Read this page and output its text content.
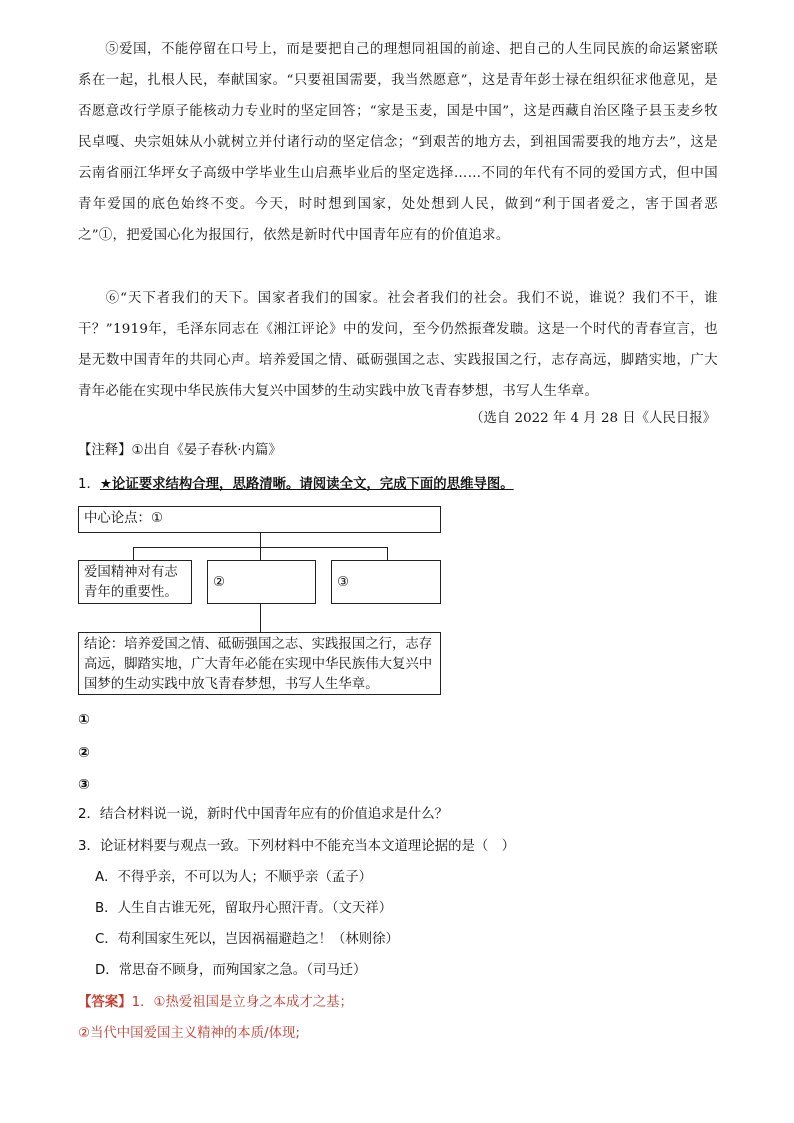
⑤爱国，不能停留在口号上，而是要把自己的理想同祖国的前途、把自己的人生同民族的命运紧密联系在一起，扎根人民，奉献国家。“只要祖国需要，我当然愿意”，这是青年彭士禄在组织征求他意见，是否愿意改行学原子能核动力专业时的坚定回答；“家是玉麦，国是中国”，这是西藏自治区隆子县玉麦乡牧民卓嘎、央宗姐妹从小就树立并付诸行动的坚定信念；“到艰苦的地方去，到祖国需要我的地方去”，这是云南省丽江华坪女子高级中学毕业生山启燕毕业后的坚定选择……不同的年代有不同的爱国方式，但中国青年爱国的底色始终不变。今天，时时想到国家，处处想到人民，做到“利于国者爱之，害于国者恶之”①，把爱国心化为报国行，依然是新时代中国青年应有的价值追求。

⑥“天下者我们的天下。国家者我们的国家。社会者我们的社会。我们不说，谁说？我们不干，谁干？”1919年，毛泽东同志在《湘江评论》中的发问，至今仍然振聋发聩。这是一个时代的青春宣言，也是无数中国青年的共同心声。培养爱国之情、砥砺强国之志、实践报国之行，志存高远，脚踏实地，广大青年必能在实现中华民族伟大复兴中国梦的生动实践中放飞青春梦想，书写人生华章。

（选自 2022 年 4 月 28 日《人民日报》
【注释】①出自《晏子春秋·内篇》
1．★论证要求结构合理，思路清晰。请阅读全文，完成下面的思维导图。
中心论点：①
爱国精神对有志青年的重要性。
②	③
结论：培养爱国之情、砥砺强国之志、实践报国之行，志存高远，脚踏实地，广大青年必能在实现中华民族伟大复兴中国梦的生动实践中放飞青春梦想，书写人生华章。
①
②
③
2．结合材料说一说，新时代中国青年应有的价值追求是什么？
3．论证材料要与观点一致。下列材料中不能充当本文道理论据的是（　）
A．不得乎亲，不可以为人；不顺乎亲（孟子）
B．人生自古谁无死，留取丹心照汗青。（文天祥）
C．苟利国家生死以，岂因祸福避趋之！（林则徐）
D．常思奋不顾身，而殉国家之急。（司马迁）
【答案】1．①热爱祖国是立身之本成才之基；
②当代中国爱国主义精神的本质/体现;
